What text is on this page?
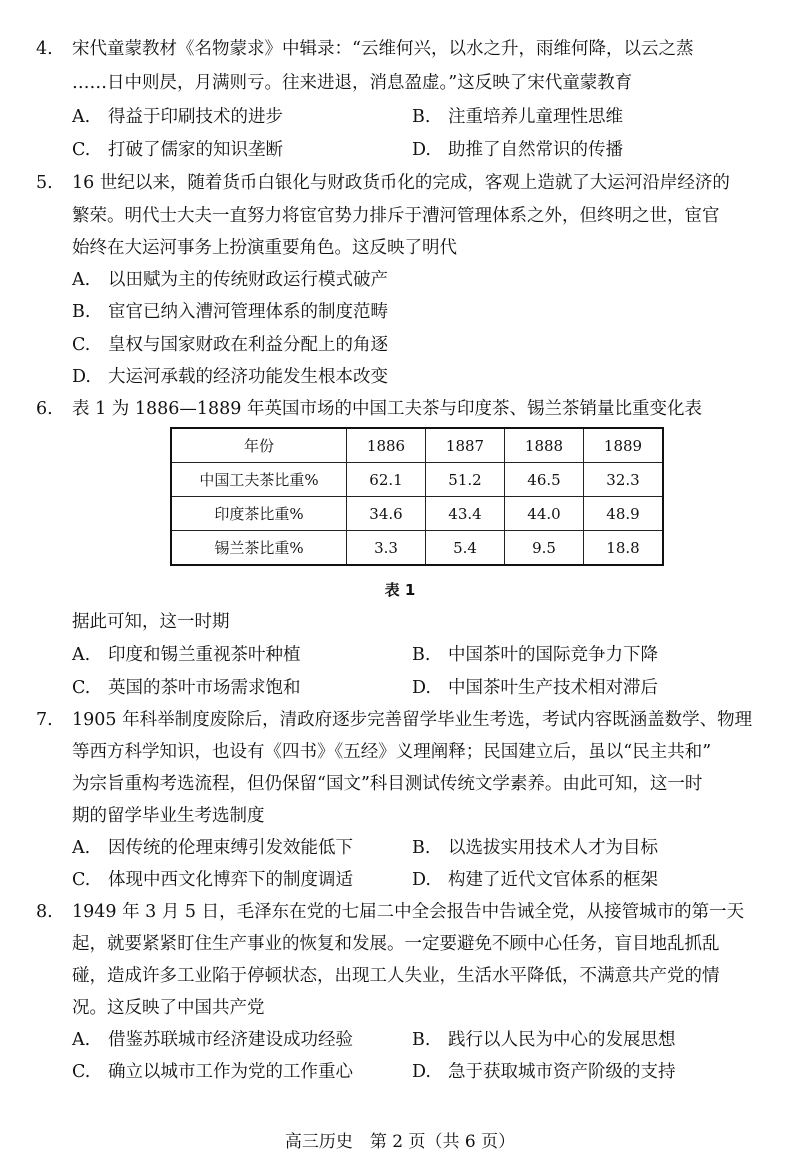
4. 宋代童蒙教材《名物蒙求》中辑录：“云维何兴，以水之升，雨维何降，以云之蒸
……日中则昃，月满则亏。往来进退，消息盈虚。”这反映了宋代童蒙教育
A. 得益于印刷技术的进步	B. 注重培养儿童理性思维
C. 打破了儒家的知识垄断	D. 助推了自然常识的传播
5. 16 世纪以来，随着货币白银化与财政货币化的完成，客观上造就了大运河沿岸经济的
繁荣。明代士大夫一直努力将宦官势力排斥于漕河管理体系之外，但终明之世，宦官
始终在大运河事务上扮演重要角色。这反映了明代
A. 以田赋为主的传统财政运行模式破产
B. 宦官已纳入漕河管理体系的制度范畴
C. 皇权与国家财政在利益分配上的角逐
D. 大运河承载的经济功能发生根本改变
6. 表 1 为 1886—1889 年英国市场的中国工夫茶与印度茶、锡兰茶销量比重变化表
年份	1886	1887	1888	1889
中国工夫茶比重%	62.1	51.2	46.5	32.3
印度茶比重%	34.6	43.4	44.0	48.9
锡兰茶比重%	3.3	5.4	9.5	18.8
表 1
据此可知，这一时期
A. 印度和锡兰重视茶叶种植	B. 中国茶叶的国际竞争力下降
C. 英国的茶叶市场需求饱和	D. 中国茶叶生产技术相对滞后
7. 1905 年科举制度废除后，清政府逐步完善留学毕业生考选，考试内容既涵盖数学、物理
等西方科学知识，也设有《四书》《五经》义理阐释；民国建立后，虽以“民主共和”
为宗旨重构考选流程，但仍保留“国文”科目测试传统文学素养。由此可知，这一时
期的留学毕业生考选制度
A. 因传统的伦理束缚引发效能低下	B. 以选拔实用技术人才为目标
C. 体现中西文化博弈下的制度调适	D. 构建了近代文官体系的框架
8. 1949 年 3 月 5 日，毛泽东在党的七届二中全会报告中告诫全党，从接管城市的第一天
起，就要紧紧盯住生产事业的恢复和发展。一定要避免不顾中心任务，盲目地乱抓乱
碰，造成许多工业陷于停顿状态，出现工人失业，生活水平降低，不满意共产党的情
况。这反映了中国共产党
A. 借鉴苏联城市经济建设成功经验	B. 践行以人民为中心的发展思想
C. 确立以城市工作为党的工作重心	D. 急于获取城市资产阶级的支持
高三历史　第 2 页（共 6 页）
